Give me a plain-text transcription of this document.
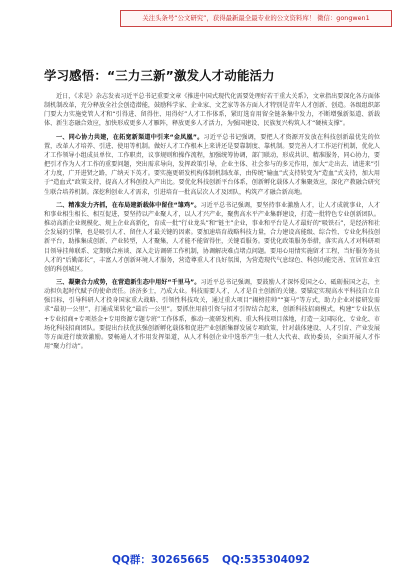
关注头条号“公文研究”，获得最新最全最专业的公文资料库！ 微信：gongwen1
学习感悟：“三力三新”激发人才动能活力

近日，《求是》杂志发表习近平总书记重要文章《推进中国式现代化需要处理好若干重大关系》，文章指出要深化各方面体制机制改革，充分释放全社会创造潜能，鼓励科学家、企业家、文艺家等各方面人才特别是青年人才创新、创造。各级组织部门要大力实施党管人才和“引得进、留得住、用得好”人才工作体系，紧盯选育用留全链条集中发力，不断增强新渠道、新载体、新生态融合效应，加快形成更多人才雁阵，释放更多人才活力，为强国建设、民族复兴构筑人才“硬核支撑”。

一、同心协力共建，在拓宽新渠道中引来“金凤凰”。习近平总书记强调，要把人才资源开发放在科技创新最优先的位置，改革人才培养、引进、使用等机制。做好人才工作根本上来讲还是要靠制度、靠机制。要完善人才工作运行机制，优化人才工作领导小组成员单位、工作职责，议事规则和操作流程，加强统筹协调，部门联动，形成共识、精准服务，同心协力，要把引才作为人才工作的重要问题，突出需求导向，发挥政策引导，企业主体、社会参与的多元作用，加大“走出去、请进来”引才力度，广开进贤之路，广纳天下英才。要实施更研发机构体制机制改革，由传统“输血”式支持转变为“造血”式支持，加大用于“造血式”政策支持，提高人才科创投入产出比。要优化科技创新平台体系，创新孵化载体人才集聚效应，深化产教融合研究生联合培养机制。深挖利创业人才需求，引进培育一批高层次人才及团队，构筑产才融合新高地。

二、精准发力齐抓，在布局建新载体中留住“雏鸡”。习近平总书记强调，要坚持事业激励人才，让人才成就事业，人才和事业相生相长、相互促进，要坚持以产业聚人才，以人才兴产业，聚焦高水平产业集群建设，打造一批特色专业创新团队。推动高新企业规模化、规上企业高新化，育成一批“行业龙头”和“链主”企业，事业和平台是人才最好的“吸铁石”，是经济和社会发展的引擎，也是吸引人才、留住人才最关键的因素。要加速培育战略科技力量，合力建设高能级、综合性、专业化科技创新平台，助推集成创新、产业转型，人才聚集，人才能不能留得住，关键看服务。要优化政策服务举措，落实高人才对科研项目领导挂帅联系、定期联合座谈、深入走访调研工作机制，协调解决难点堵点问题。要用心用情实施留才工程，当好服务务员人才的“后勤部长”，丰富人才创新环境人才服务，营造尊重人才良好氛围，为营造现代气息绿色、科创功能完善、宜居宜业宜创的科创城区。

三、凝聚合力成势，在营造新生态中用好“千里马”。习近平总书记强调，要鼓励人才深怀爱国之心、砥砺报国之志，主动担负起时代赋予的使命责任。济济多士，乃成大业。科技需要人才，人才是自主创新的关键。要锚定实现高水平科技自立自强目标，引导科研人才投身国家重大战略、引领性科技攻关，通过重大项目“揭榜挂帅”“赛马”等方式，助力企业对接研发需求“最初一公里”，打通成果转化“最后一公里”。要抓住用前引资与招才引智结合起来，创新科技招商模式，构建“专业队伍+专业招商+专项基金+专用资源专题专班”工作体系，推动一流研发机构、重大科技项目落地，打造一支国际化、专业化、市场化科技招商团队。要提出台扶优扶强创新孵化载体和促进产业创新集群发展专项政策，针对载体建设、人才引育、产业发展等方面进行绩效激励。要畅通人才作用发挥渠道，从人才科创企业中选举产生一批人大代表、政协委员，全面开展人才作用“聚力行动”。

QQ群：30265665 QQ:535304092
